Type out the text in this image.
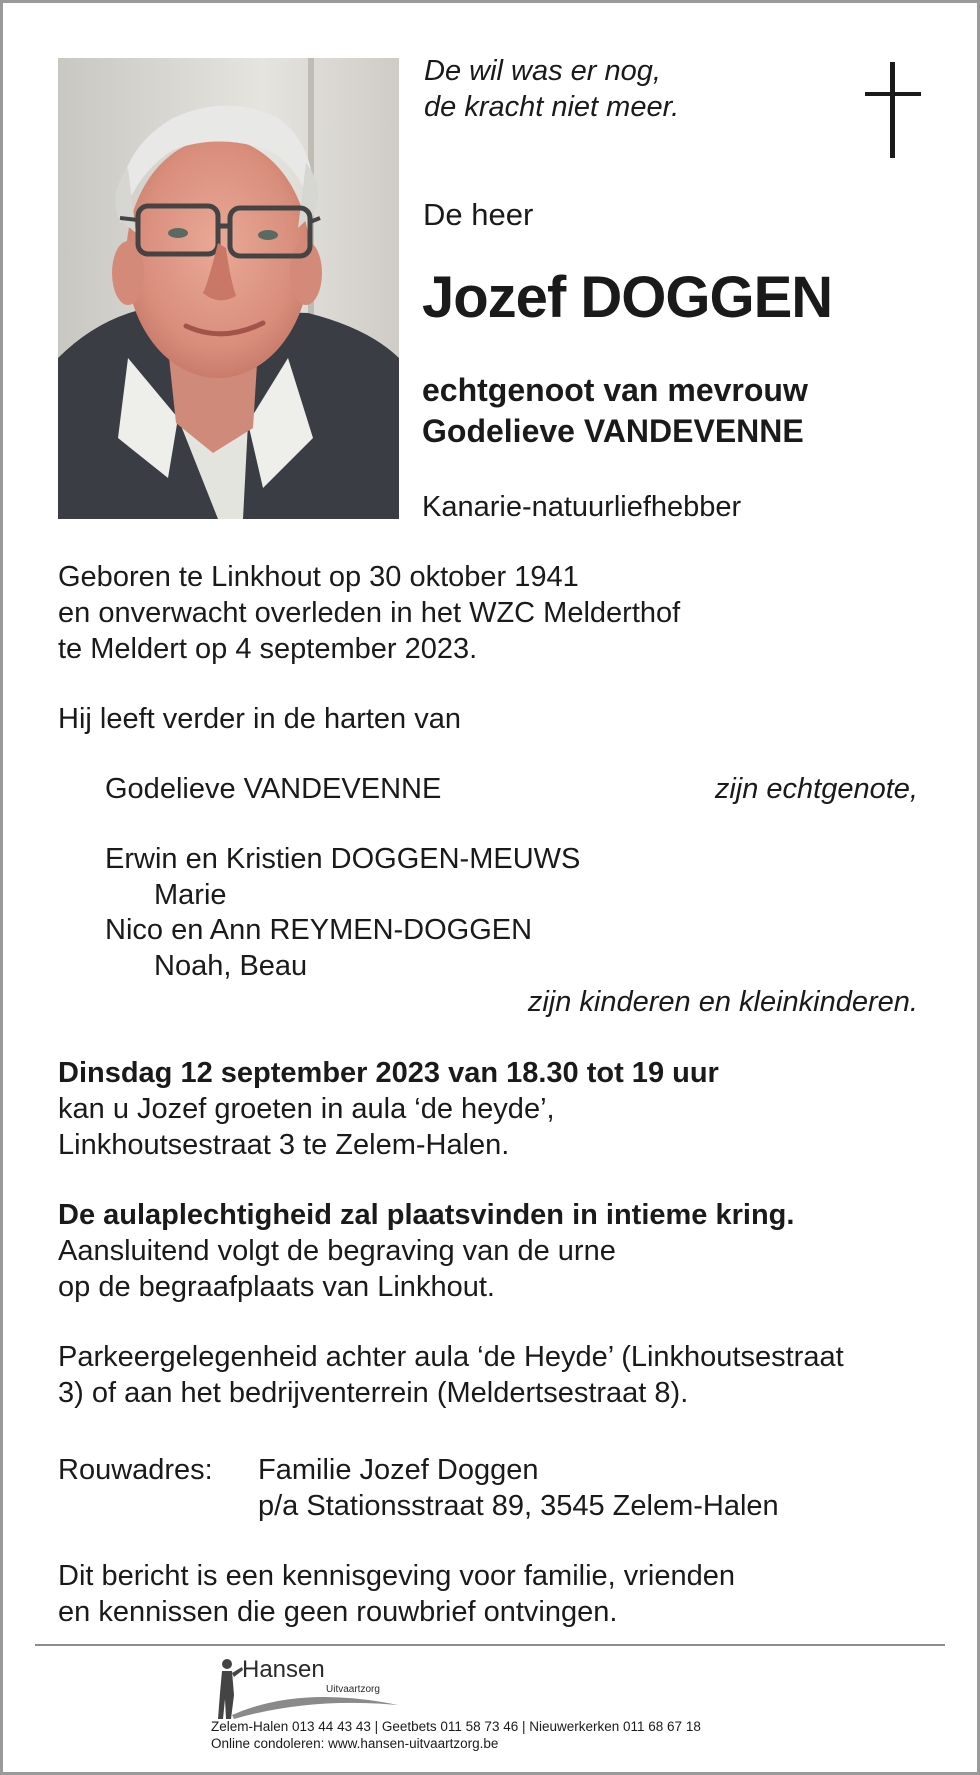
De wil was er nog,
de kracht niet meer.
De heer
Jozef DOGGEN
echtgenoot van mevrouw
Godelieve VANDEVENNE
Kanarie-natuurliefhebber
Geboren te Linkhout op 30 oktober 1941
en onverwacht overleden in het WZC Melderthof
te Meldert op 4 september 2023.
Hij leeft verder in de harten van
Godelieve VANDEVENNE	zijn echtgenote,
Erwin en Kristien DOGGEN-MEUWS
Marie
Nico en Ann REYMEN-DOGGEN
Noah, Beau
zijn kinderen en kleinkinderen.
Dinsdag 12 september 2023 van 18.30 tot 19 uur
kan u Jozef groeten in aula ‘de heyde’,
Linkhoutsestraat 3 te Zelem-Halen.
De aulaplechtigheid zal plaatsvinden in intieme kring.
Aansluitend volgt de begraving van de urne
op de begraafplaats van Linkhout.
Parkeergelegenheid achter aula ‘de Heyde’ (Linkhoutsestraat
3) of aan het bedrijventerrein (Meldertsestraat 8).
Rouwadres: Familie Jozef Doggen
p/a Stationsstraat 89, 3545 Zelem-Halen
Dit bericht is een kennisgeving voor familie, vrienden
en kennissen die geen rouwbrief ontvingen.
Hansen
Uitvaartzorg
Zelem-Halen 013 44 43 43 | Geetbets 011 58 73 46 | Nieuwerkerken 011 68 67 18
Online condoleren: www.hansen-uitvaartzorg.be
